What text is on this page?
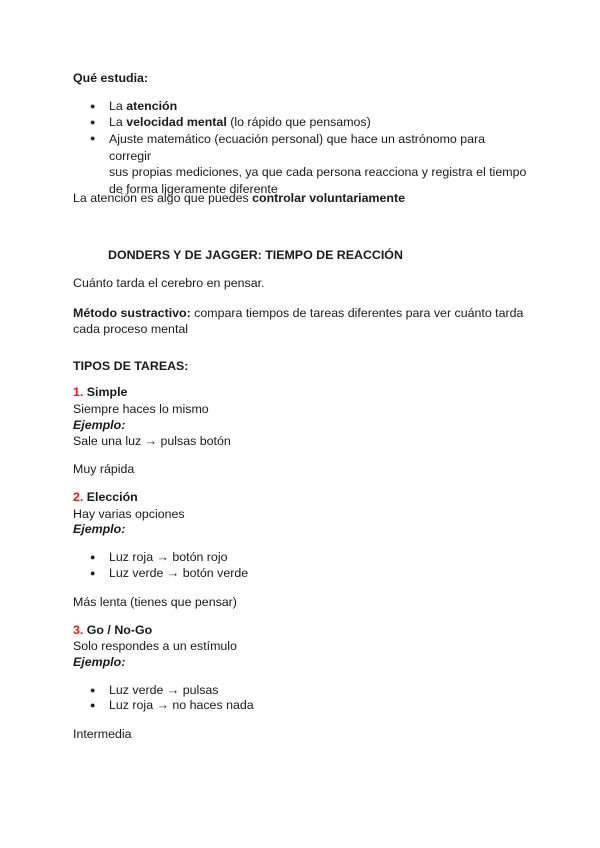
Qué estudia:
●	La atención
●	La velocidad mental (lo rápido que pensamos)
●	Ajuste matemático (ecuación personal) que hace un astrónomo para corregir
sus propias mediciones, ya que cada persona reacciona y registra el tiempo
de forma ligeramente diferente
La atención es algo que puedes controlar voluntariamente
DONDERS Y DE JAGGER: TIEMPO DE REACCIÓN
Cuánto tarda el cerebro en pensar.
Método sustractivo: compara tiempos de tareas diferentes para ver cuánto tarda
cada proceso mental
TIPOS DE TAREAS:
1. Simple
Siempre haces lo mismo
Ejemplo:
Sale una luz → pulsas botón
Muy rápida
2. Elección
Hay varias opciones
Ejemplo:
●	Luz roja → botón rojo
●	Luz verde → botón verde
Más lenta (tienes que pensar)
3. Go / No-Go
Solo respondes a un estímulo
Ejemplo:
●	Luz verde → pulsas
●	Luz roja → no haces nada
Intermedia
